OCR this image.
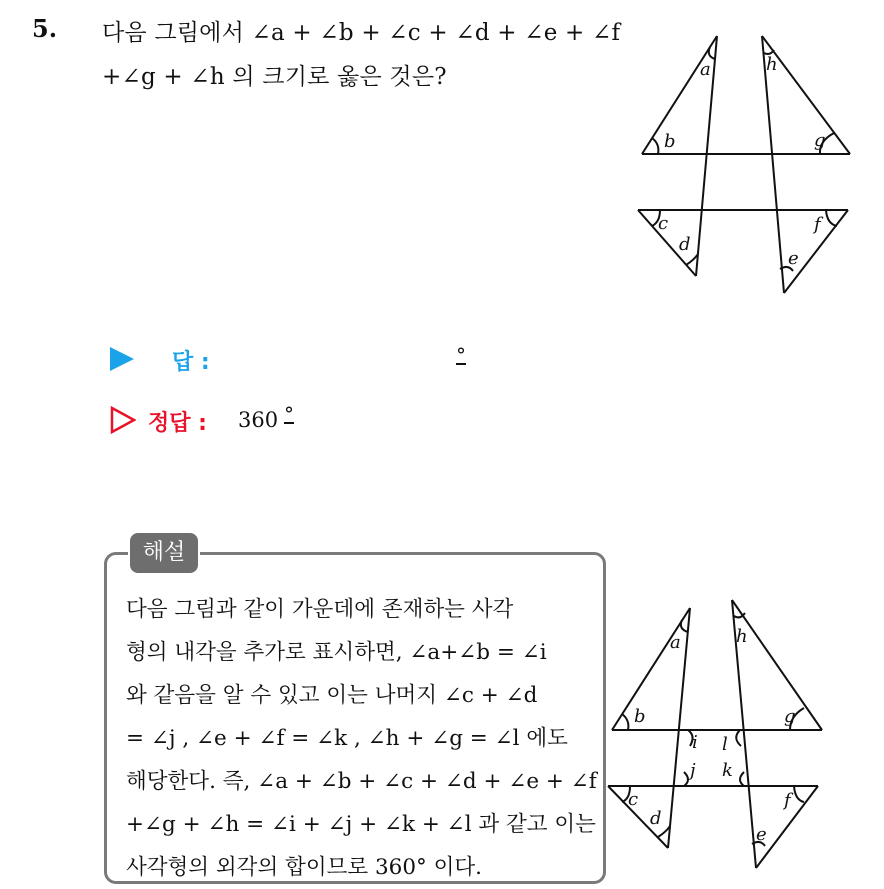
5. 다음 그림에서 ∠a + ∠b + ∠c + ∠d + ∠e + ∠f
+∠g + ∠h 의 크기로 옳은 것은?	a
b
c
d
e
f
g
h
답 :	°
정답 : 360 °
해설
다음 그림과 같이 가운데에 존재하는 사각
형의 내각을 추가로 표시하면, ∠a+∠b = ∠i
와 같음을 알 수 있고 이는 나머지 ∠c + ∠d
= ∠j , ∠e + ∠f = ∠k , ∠h + ∠g = ∠l 에도
해당한다. 즉, ∠a + ∠b + ∠c + ∠d + ∠e + ∠f
+∠g + ∠h = ∠i + ∠j + ∠k + ∠l 과 같고 이는
사각형의 외각의 합이므로 360° 이다.
a
b
c
d
e
f
g
h
i
j k
l
